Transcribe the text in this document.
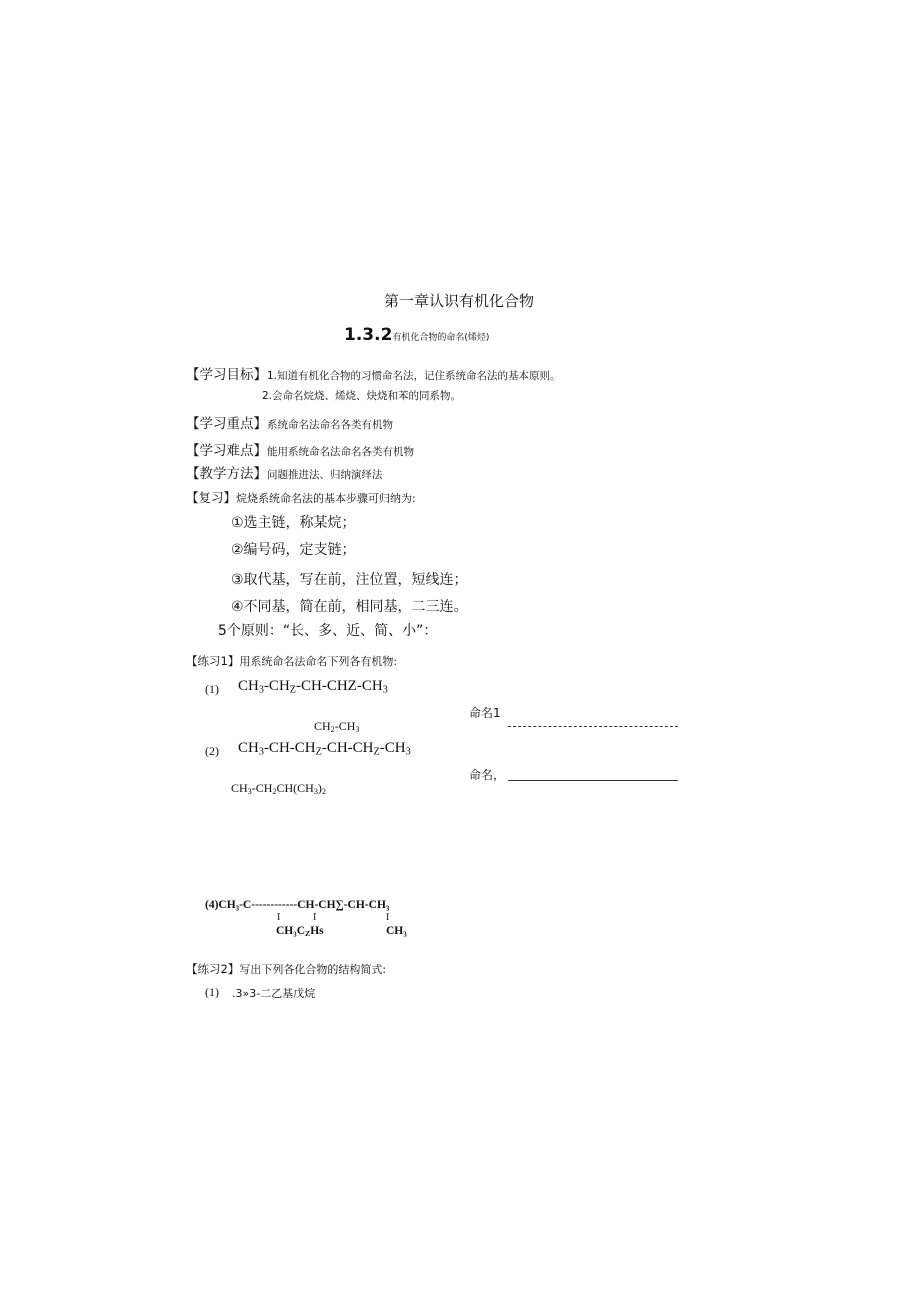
第一章认识有机化合物
1.3.2有机化合物的命名(烯烃)
【学习目标】1.知道有机化合物的习惯命名法，记住系统命名法的基本原则。
2.会命名烷烧、烯烧、炔烧和苯的同系物。
【学习重点】系统命名法命名各类有机物
【学习难点】能用系统命名法命名各类有机物
【教学方法】问题推进法、归纳演绎法
【复习】烷烧系统命名法的基本步骤可归纳为:
①选主链，称某烷；
②编号码，定支链；
③取代基，写在前，注位置，短线连；
④不同基，简在前，相同基，二三连。
5个原则：“长、多、近、简、小”：
【练习1】用系统命名法命名下列各有机物:
(1) $CH_3-CH_Z-CH-CHZ-CH_3$
命名1
$CH_2-CH_3$
(2) $CH_3-CH-CH_Z-CH-CH_Z-CH_3$
命名，
$CH_3-CH_2CH(CH_3)_2$
(4)CH₃-C------------CH-CH∑-CH-CH₃
I	I	I
$CH_3C_ZHs$	CH₃
【练习2】写出下列各化合物的结构简式:
(1) .3»3-二乙基戊烷
